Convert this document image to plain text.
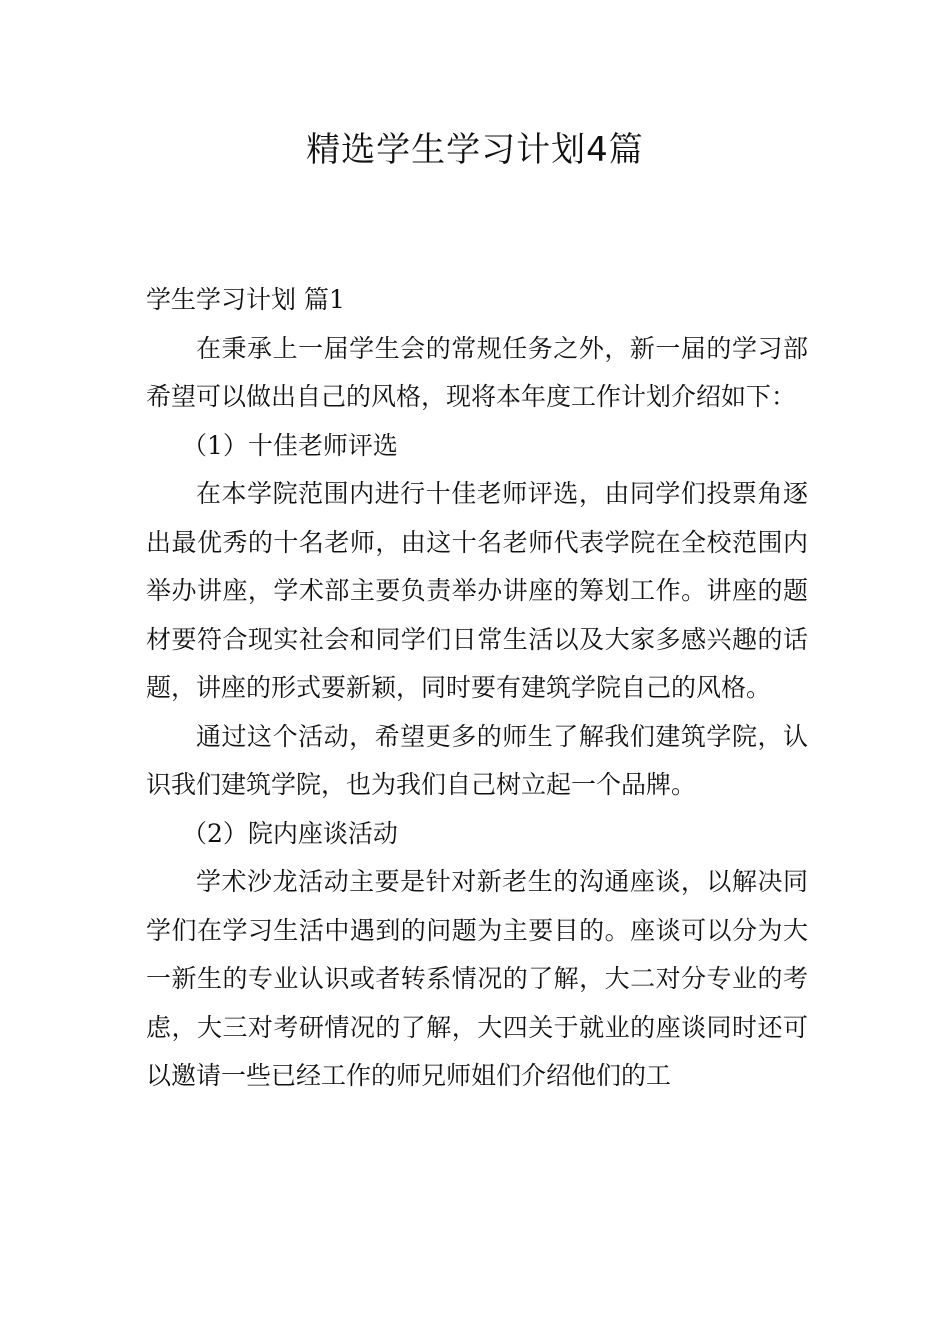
精选学生学习计划4篇

学生学习计划 篇1

在秉承上一届学生会的常规任务之外，新一届的学习部希望可以做出自己的风格，现将本年度工作计划介绍如下：

（1）十佳老师评选

在本学院范围内进行十佳老师评选，由同学们投票角逐出最优秀的十名老师，由这十名老师代表学院在全校范围内举办讲座，学术部主要负责举办讲座的筹划工作。讲座的题材要符合现实社会和同学们日常生活以及大家多感兴趣的话题，讲座的形式要新颖，同时要有建筑学院自己的风格。

通过这个活动，希望更多的师生了解我们建筑学院，认识我们建筑学院，也为我们自己树立起一个品牌。

（2）院内座谈活动

学术沙龙活动主要是针对新老生的沟通座谈，以解决同学们在学习生活中遇到的问题为主要目的。座谈可以分为大一新生的专业认识或者转系情况的了解，大二对分专业的考虑，大三对考研情况的了解，大四关于就业的座谈同时还可以邀请一些已经工作的师兄师姐们介绍他们的工
